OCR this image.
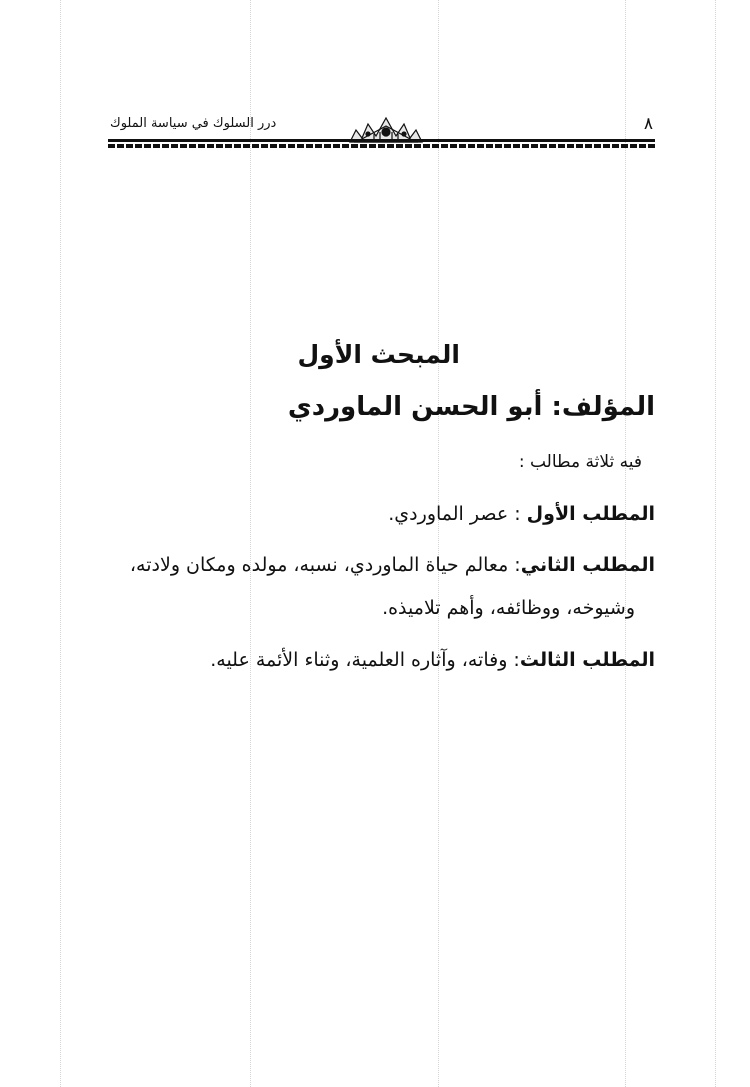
درر السلوك في سياسة الملوك	٨
المبحث الأول
المؤلف: أبو الحسن الماوردي
فيه ثلاثة مطالب :
المطلب الأول : عصر الماوردي.
المطلب الثاني: معالم حياة الماوردي، نسبه، مولده ومكان ولادته،
وشيوخه، ووظائفه، وأهم تلاميذه.
المطلب الثالث: وفاته، وآثاره العلمية، وثناء الأئمة عليه.
